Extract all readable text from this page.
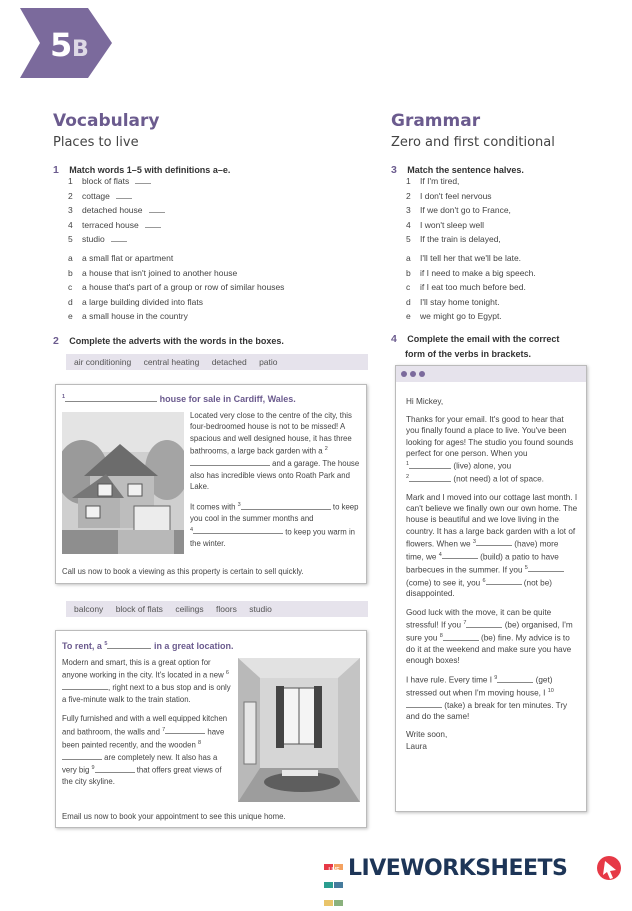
5 B
Vocabulary
Places to live
1 Match words 1–5 with definitions a–e.
1 block of flats
2 cottage
3 detached house
4 terraced house
5 studio
a a small flat or apartment
b a house that isn't joined to another house
c a house that's part of a group or row of similar houses
d a large building divided into flats
e a small house in the country
2 Complete the adverts with the words in the boxes.
air conditioning central heating detached patio
$^1$	house for sale in Cardiff, Wales.
Located very close to the centre of the city, this four-bedroomed house is not to be missed! A spacious and well designed house, it has three bathrooms, a large back garden with a $^2$ and a garage. The house also has incredible views onto Roath Park and Lake.
It comes with $^3$	to keep you cool in the summer months and
$^4$	to keep you warm in the winter.
Call us now to book a viewing as this property is certain to sell quickly.
balcony block of flats ceilings floors studio
To rent, a $^5$	in a great location.
Modern and smart, this is a great option for anyone working in the city. It's located in a new $^6$, right next to a bus stop and is only a five-minute walk to the train station.
Fully furnished and with a well equipped kitchen and bathroom, the walls and $^7$	have been painted recently, and the wooden $^8$ are completely new. It also has a very big $^9$	that offers great views of the city skyline.
Email us now to book your appointment to see this unique home.
Grammar
Zero and first conditional
3 Match the sentence halves.
1 If I'm tired,
2 I don't feel nervous
3 If we don't go to France,
4 I won't sleep well
5 If the train is delayed,
a I'll tell her that we'll be late.
b if I need to make a big speech.
c if I eat too much before bed.
d I'll stay home tonight.
e we might go to Egypt.
4 Complete the email with the correct
form of the verbs in brackets.

Hi Mickey,

Thanks for your email. It's good to hear that you finally found a place to live. You've been looking for ages! The studio you found sounds perfect for one person. When you
$^1$	(live) alone, you
$^2$	(not need) a lot of space.

Mark and I moved into our cottage last month. I can't believe we finally own our own home. The house is beautiful and we love living in the country. It has a large back garden with a lot of flowers. When we $^3$	(have) more time, we $^4$	(build) a patio to have barbecues in the summer. If you $^5$ (come) to see it, you $^6$	(not be) disappointed.

Good luck with the move, it can be quite stressful! If you $^7$	(be) organised, I'm sure you $^8$	(be) fine. My advice is to do it at the weekend and make sure you have enough boxes!

I have rule. Every time I $^9$	(get) stressed out when I'm moving house, I $^{10}$ (take) a break for ten minutes. Try and do the same!

Write soon,
Laura

LIVE LIVEWORKSHEETS
